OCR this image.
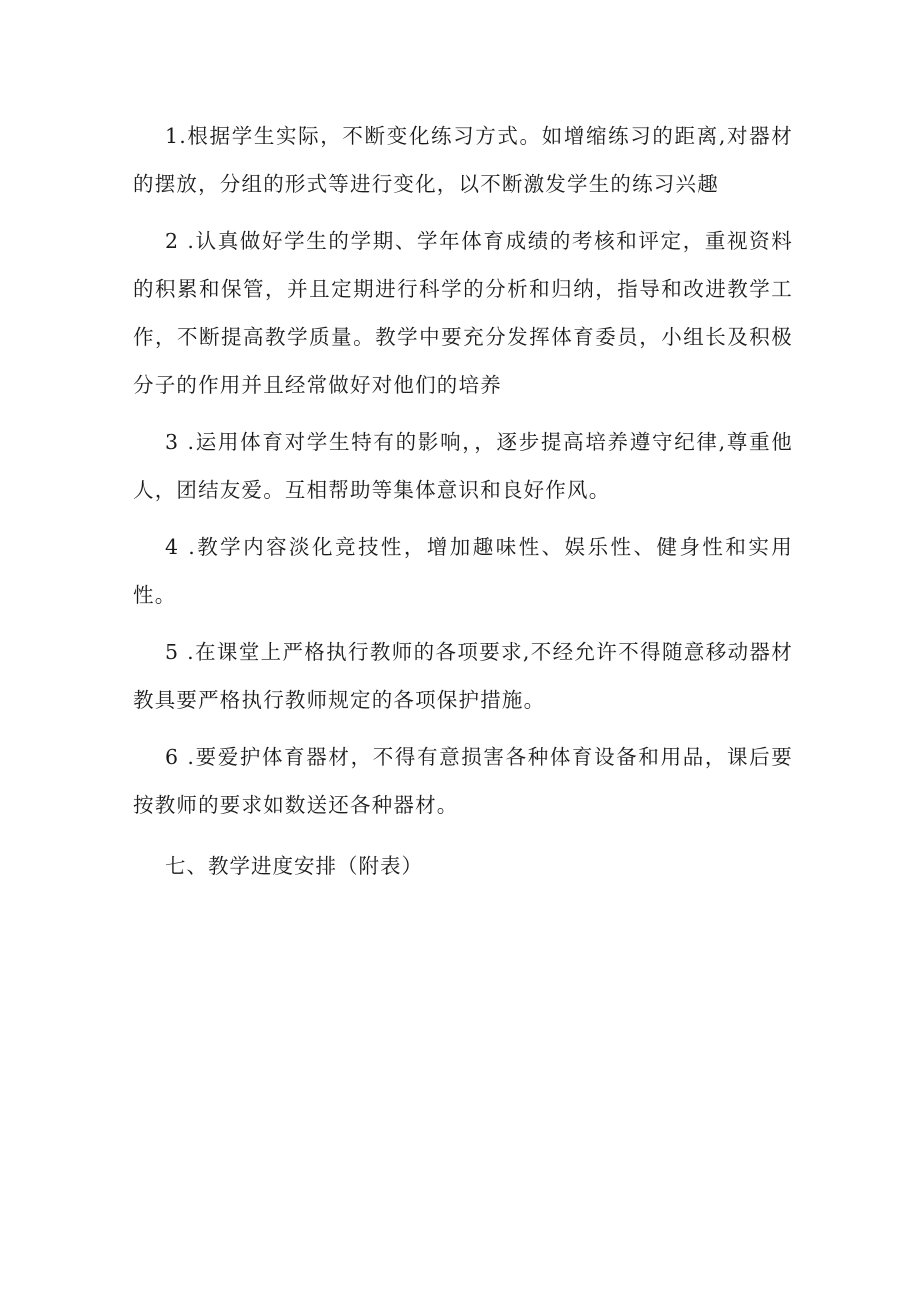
1.根据学生实际，不断变化练习方式。如增缩练习的距离,对器材的摆放，分组的形式等进行变化，以不断激发学生的练习兴趣

2 .认真做好学生的学期、学年体育成绩的考核和评定，重视资料的积累和保管，并且定期进行科学的分析和归纳，指导和改进教学工作，不断提高教学质量。教学中要充分发挥体育委员，小组长及积极分子的作用并且经常做好对他们的培养

3 .运用体育对学生特有的影响，，逐步提高培养遵守纪律,尊重他人，团结友爱。互相帮助等集体意识和良好作风。

4 .教学内容淡化竞技性，增加趣味性、娱乐性、健身性和实用性。

5 .在课堂上严格执行教师的各项要求,不经允许不得随意移动器材教具要严格执行教师规定的各项保护措施。

6 .要爱护体育器材，不得有意损害各种体育设备和用品，课后要按教师的要求如数送还各种器材。

七、教学进度安排（附表）
